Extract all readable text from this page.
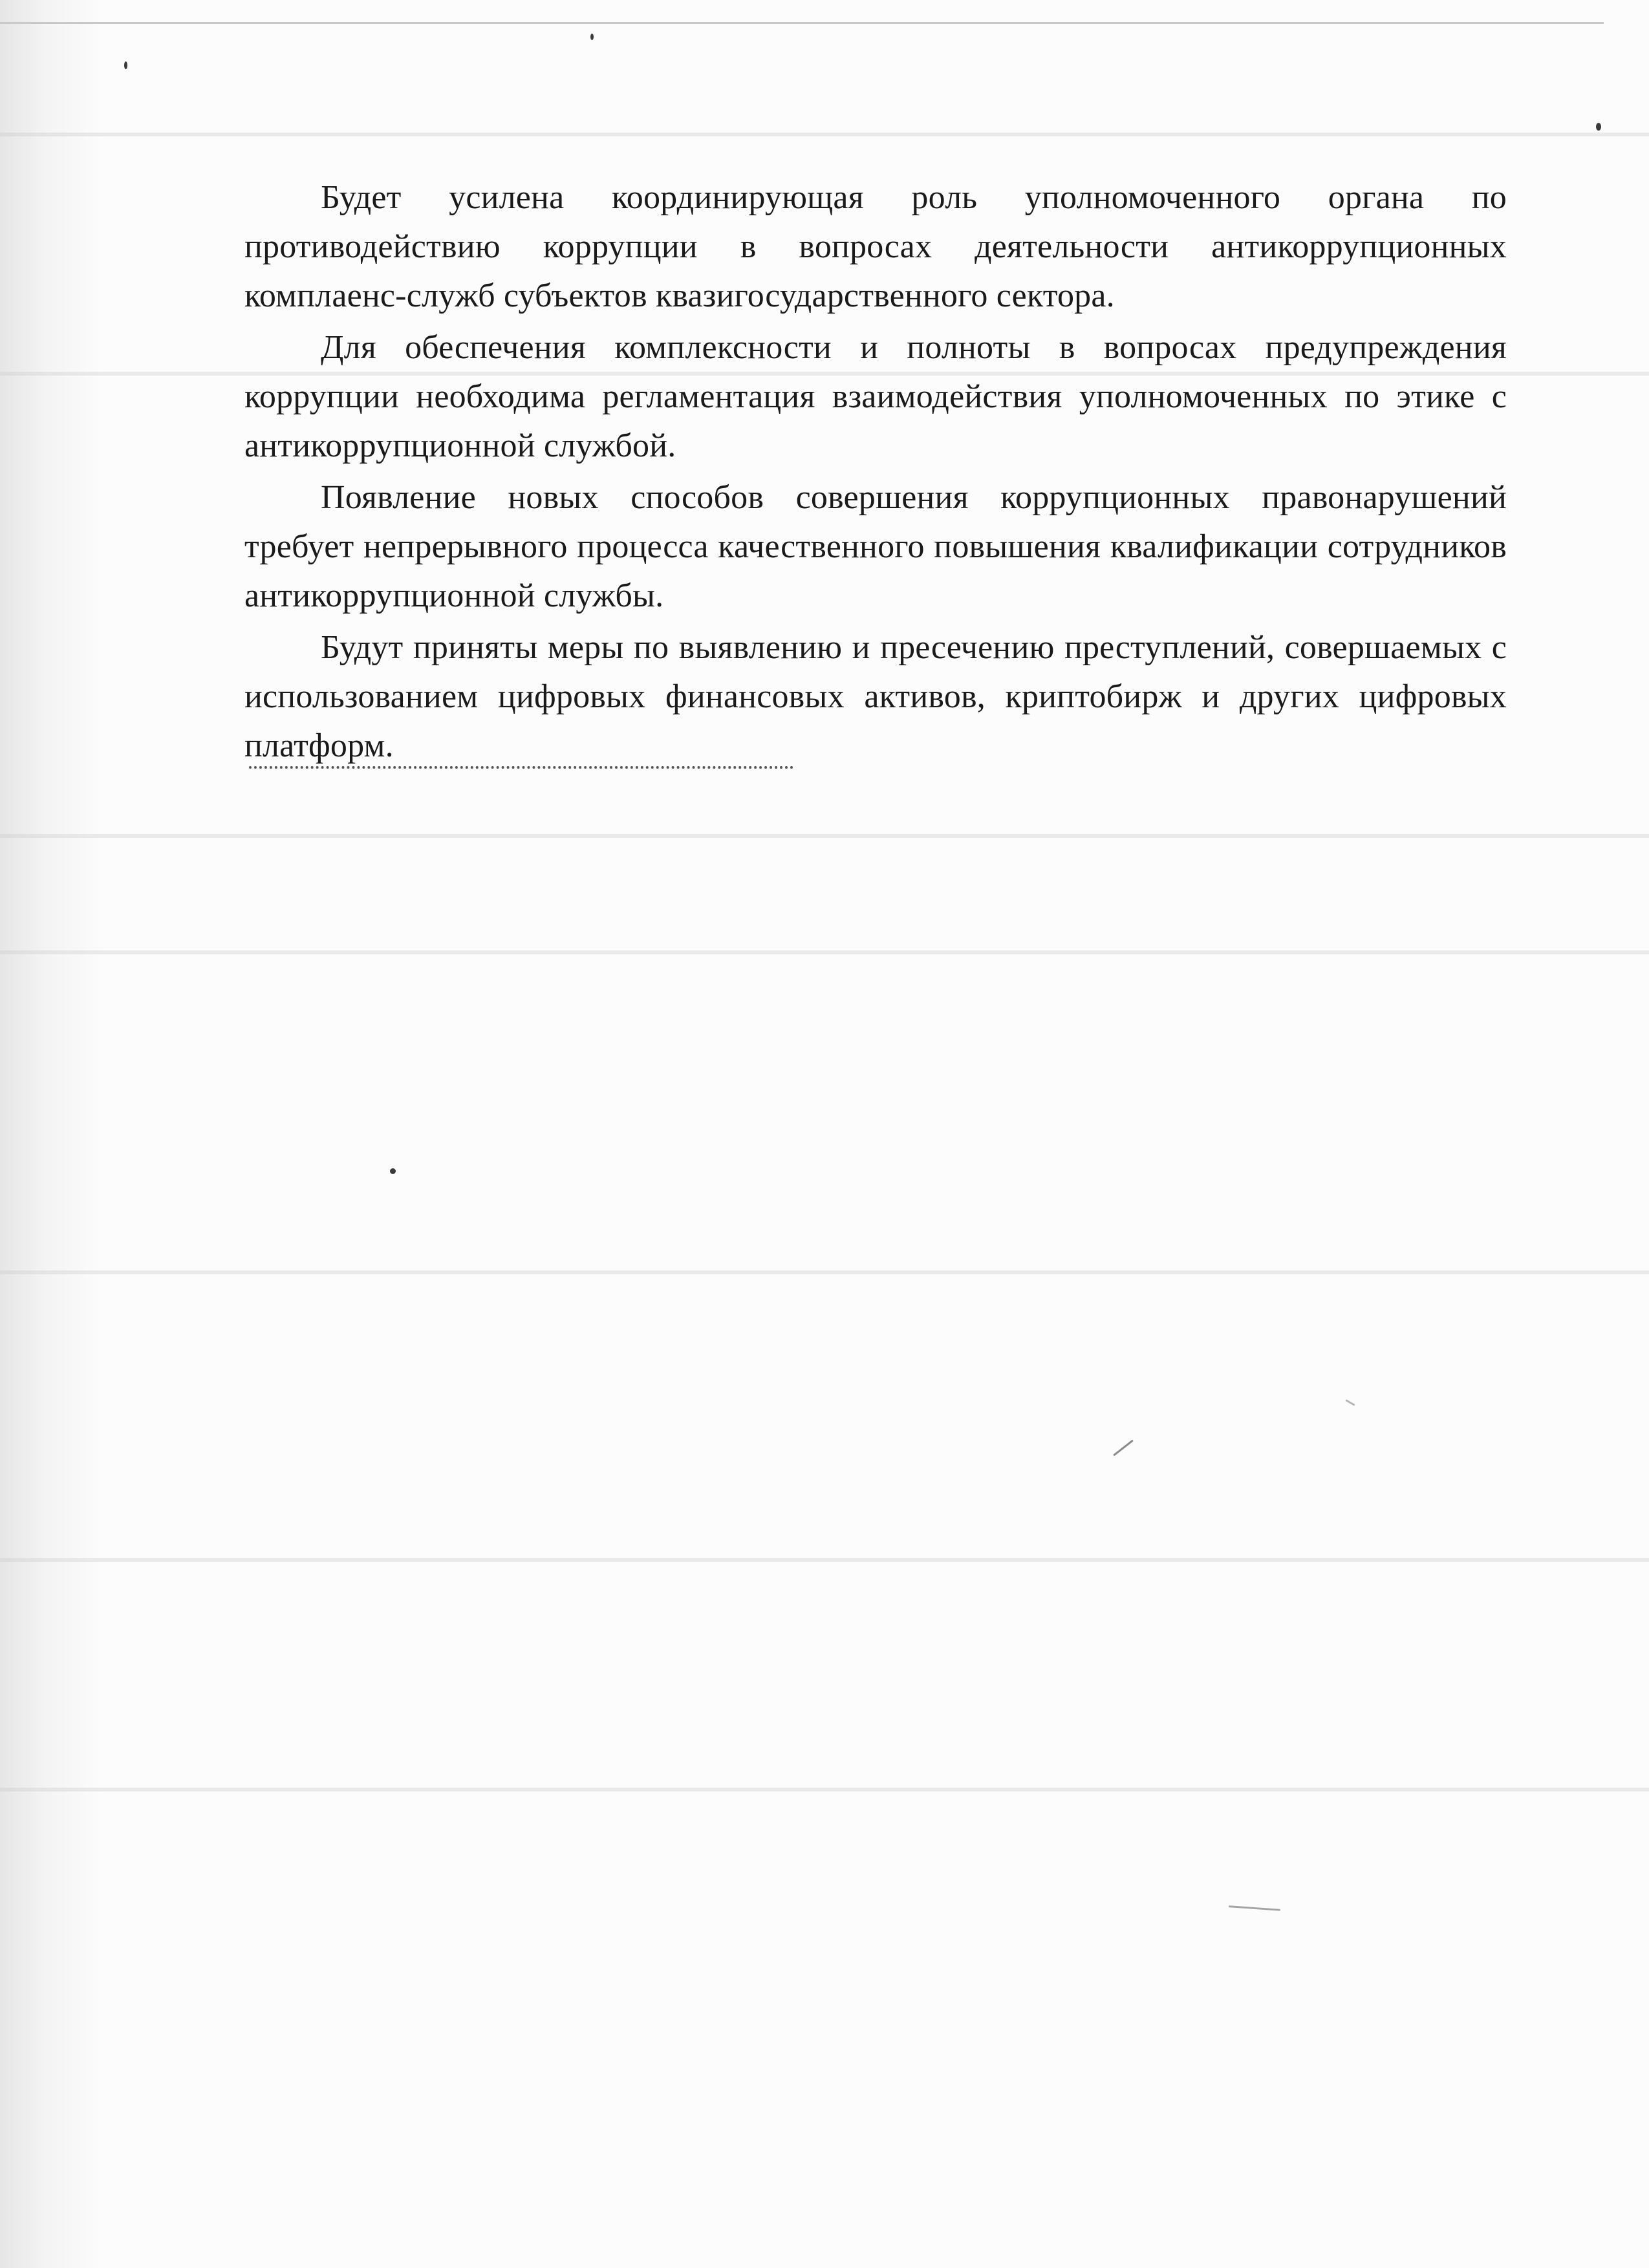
Будет усилена координирующая роль уполномоченного органа по противодействию коррупции в вопросах деятельности антикоррупционных комплаенс-служб субъектов квазигосударственного сектора.

Для обеспечения комплексности и полноты в вопросах предупреждения коррупции необходима регламентация взаимодействия уполномоченных по этике с антикоррупционной службой.

Появление новых способов совершения коррупционных правонарушений требует непрерывного процесса качественного повышения квалификации сотрудников антикоррупционной службы.

Будут приняты меры по выявлению и пресечению преступлений, совершаемых с использованием цифровых финансовых активов, криптобирж и других цифровых платформ.
